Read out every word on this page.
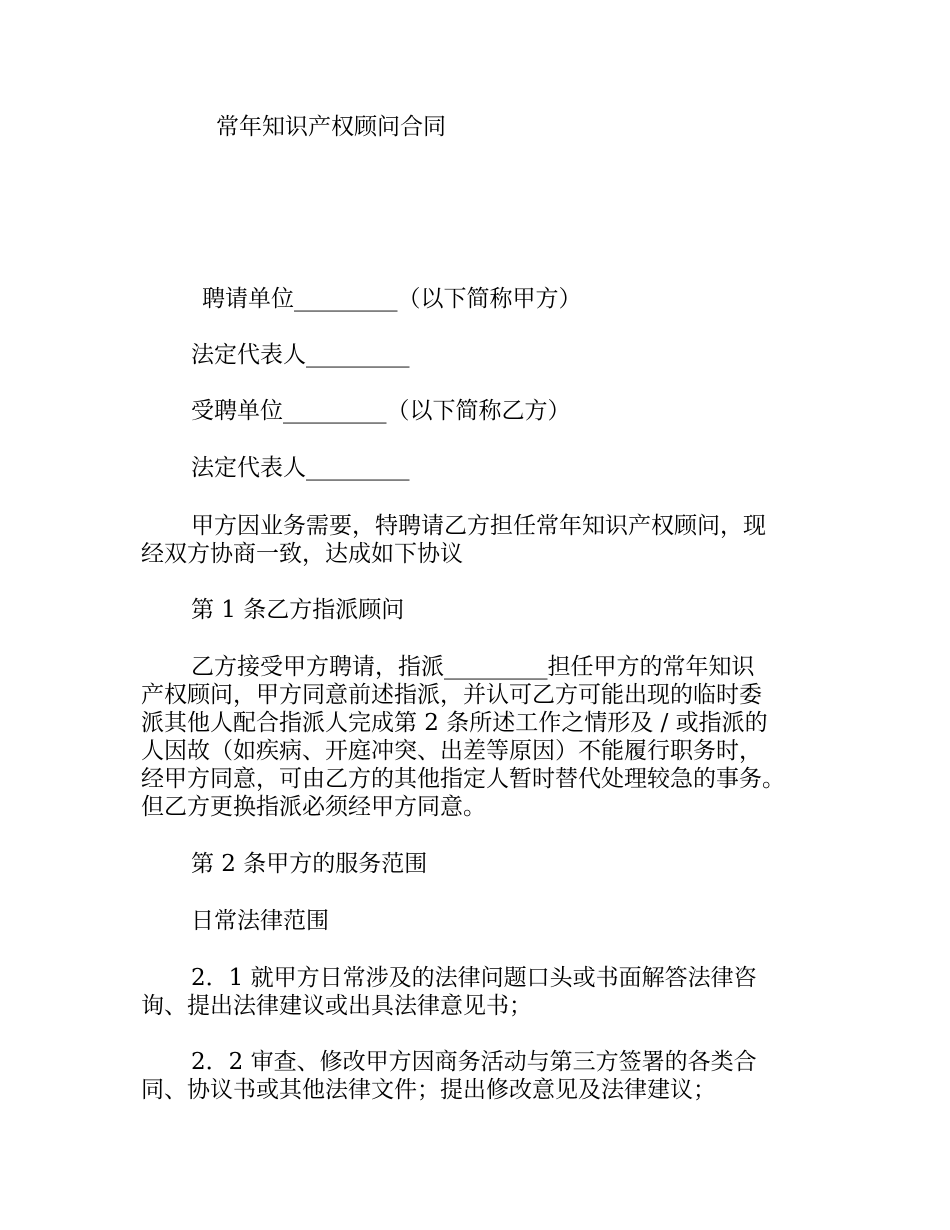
常年知识产权顾问合同
聘请单位_________（以下简称甲方）
法定代表人_________
受聘单位_________（以下简称乙方）
法定代表人_________
甲方因业务需要，特聘请乙方担任常年知识产权顾问，现
经双方协商一致，达成如下协议
第 1 条乙方指派顾问
乙方接受甲方聘请，指派_________担任甲方的常年知识
产权顾问，甲方同意前述指派，并认可乙方可能出现的临时委
派其他人配合指派人完成第 2 条所述工作之情形及 / 或指派的
人因故（如疾病、开庭冲突、出差等原因）不能履行职务时，
经甲方同意，可由乙方的其他指定人暂时替代处理较急的事务。
但乙方更换指派必须经甲方同意。
第 2 条甲方的服务范围
日常法律范围
2．1 就甲方日常涉及的法律问题口头或书面解答法律咨
询、提出法律建议或出具法律意见书；
2．2 审查、修改甲方因商务活动与第三方签署的各类合
同、协议书或其他法律文件；提出修改意见及法律建议；
